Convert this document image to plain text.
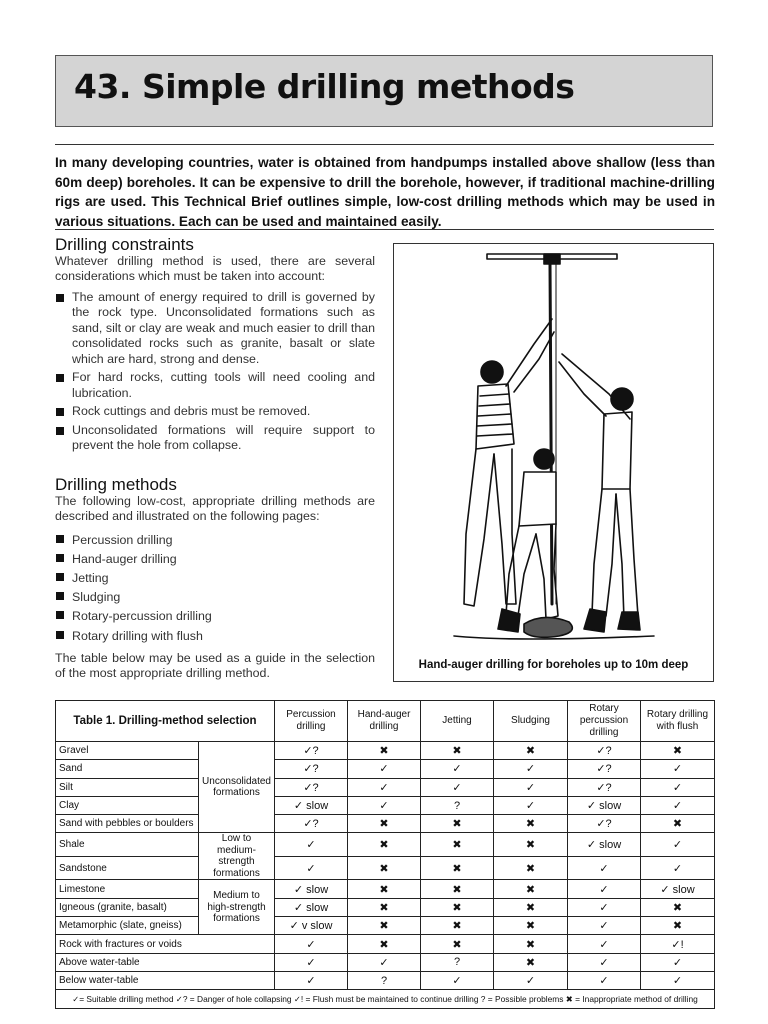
43. Simple drilling methods
In many developing countries, water is obtained from handpumps installed above shallow (less than 60m deep) boreholes. It can be expensive to drill the borehole, however, if traditional machine-drilling rigs are used. This Technical Brief outlines simple, low-cost drilling methods which may be used in various situations. Each can be used and maintained easily.
Drilling constraints

Whatever drilling method is used, there are several considerations which must be taken into account:

The amount of energy required to drill is governed by the rock type. Unconsolidated formations such as sand, silt or clay are weak and much easier to drill than consolidated rocks such as granite, basalt or slate which are hard, strong and dense.
For hard rocks, cutting tools will need cooling and lubrication.
Rock cuttings and debris must be removed.
Unconsolidated formations will require support to prevent the hole from collapse.
Drilling methods

The following low-cost, appropriate drilling methods are described and illustrated on the following pages:

Percussion drilling
Hand-auger drilling
Jetting
Sludging
Rotary-percussion drilling
Rotary drilling with flush

The table below may be used as a guide in the selection of the most appropriate drilling method.

Hand-auger drilling for boreholes up to 10m deep
Table 1. Drilling-method selection		Percussion drilling	Hand-auger drilling	Jetting	Sludging	Rotary percussion drilling	Rotary drilling with flush
Gravel	Unconsolidated formations	✓?	✖	✖	✖	✓?	✖
Sand		✓?	✓	✓	✓	✓?	✓
Silt		✓?	✓	✓	✓	✓?	✓
Clay		✓ slow	✓	?	✓	✓ slow	✓
Sand with pebbles or boulders		✓?	✖	✖	✖	✓?	✖
Shale	Low to medium-strength formations	✓	✖	✖	✖	✓ slow	✓
Sandstone		✓	✖	✖	✖	✓	✓
Limestone	Medium to high-strength formations	✓ slow	✖	✖	✖	✓	✓ slow
Igneous (granite, basalt)		✓ slow	✖	✖	✖	✓	✖
Metamorphic (slate, gneiss)		✓ v slow	✖	✖	✖	✓	✖
Rock with fractures or voids		✓	✖	✖	✖	✓	✓!
Above water-table		✓	✓	?	✖	✓	✓
Below water-table		✓	?	✓	✓	✓	✓
✓= Suitable drilling method ✓? = Danger of hole collapsing ✓! = Flush must be maintained to continue drilling ? = Possible problems ✖ = Inappropriate method of drilling							
